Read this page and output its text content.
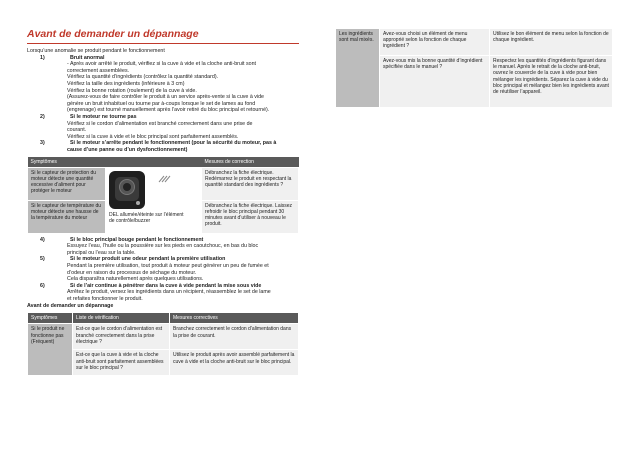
Avant de demander un dépannage
Lorsqu’une anomalie se produit pendant le fonctionnement
1)	Bruit anormal
- Après avoir arrêté le produit, vérifiez si la cuve à vide et la cloche anti-bruit sont
correctement assemblées.
Vérifiez la quantité d’ingrédients (contrôlez la quantité standard).
Vérifiez la taille des ingrédients (inférieure à 3 cm)
Vérifiez la bonne rotation (roulement) de la cuve à vide.
(Assurez-vous de faire contrôler le produit à un service après-vente si la cuve à vide
génère un bruit inhabituel ou tourne par à-coups lorsque le set de lames au fond
(engrenage) est tourné manuellement après l’avoir retiré du bloc principal et retourné).
2)	Si le moteur ne tourne pas
Vérifiez si le cordon d’alimentation est branché correctement dans une prise de
courant.
Vérifiez si la cuve à vide et le bloc principal sont parfaitement assemblés.
3)	Si le moteur s’arrête pendant le fonctionnement (pour la sécurité du moteur, pas à
cause d’une panne ou d’un dysfonctionnement)
Symptômes		Mesures de correction
Si le capteur de protection du moteur détecte une quantité excessive d’aliment pour protéger le moteur	DEL allumée/éteinte sur l’élément de contrôle/buzzer	Débranchez la fiche électrique. Redémarrez le produit en respectant la quantité standard des ingrédients ?
Si le capteur de température du moteur détecte une hausse de la température du moteur		Débranchez la fiche électrique. Laissez refroidir le bloc principal pendant 30 minutes avant d’utiliser à nouveau le produit.
4)	Si le bloc principal bouge pendant le fonctionnement
Essuyez l’eau, l’huile ou la poussière sur les pieds en caoutchouc, en bas du bloc
principal ou l’eau sur la table.
5)	Si le moteur produit une odeur pendant la première utilisation
Pendant la première utilisation, tout produit à moteur peut générer un peu de fumée et
d’odeur en raison du processus de séchage du moteur.
Cela disparaîtra naturellement après quelques utilisations.
6)	Si de l’air continue à pénétrer dans la cuve à vide pendant la mise sous vide
Arrêtez le produit, versez les ingrédients dans un récipient, réassemblez le set de lame
et refaites fonctionner le produit.
Avant de demander un dépannage
Symptômes	Liste de vérification	Mesures correctives
Si le produit ne fonctionne pas (Fréquent)	Est-ce que le cordon d’alimentation est branché correctement dans la prise électrique ?	Branchez correctement le cordon d’alimentation dans la prise de courant.
	Est-ce que la cuve à vide et la cloche anti-bruit sont parfaitement assemblées sur le bloc principal ?	Utilisez le produit après avoir assemblé parfaitement la cuve à vide et la cloche anti-bruit sur le bloc principal.
Les ingrédients sont mal mixés.	Avez-vous choisi un élément de menu approprié selon la fonction de chaque ingrédient ?	Utilisez le bon élément de menu selon la fonction de chaque ingrédient.
	Avez-vous mis la bonne quantité d’ingrédient spécifiée dans le manuel ?	Respectez les quantités d’ingrédients figurant dans le manuel. Après le retrait de la cloche anti-bruit, ouvrez le couvercle de la cuve à vide pour bien mélanger les ingrédients. Séparez la cuve à vide du bloc principal et mélangez bien les ingrédients avant de réutiliser l’appareil.
